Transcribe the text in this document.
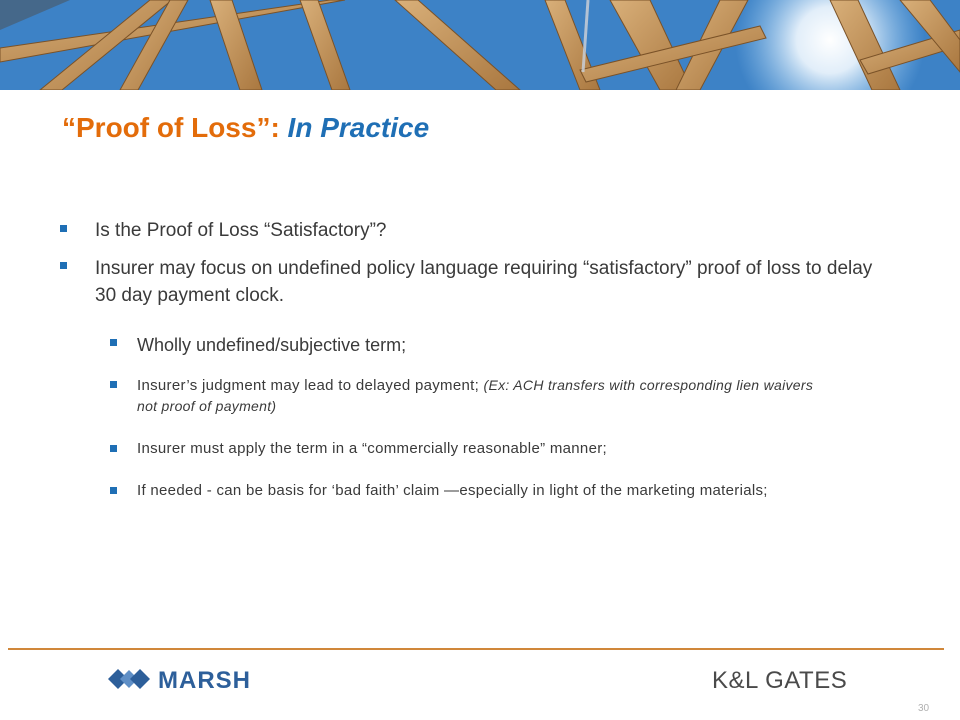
“Proof of Loss”: In Practice

Is the Proof of Loss “Satisfactory”?

Insurer may focus on undefined policy language requiring “satisfactory” proof of loss to delay 30 day payment clock.

Wholly undefined/subjective term;

Insurer’s judgment may lead to delayed payment; (Ex: ACH transfers with corresponding lien waivers not proof of payment)

Insurer must apply the term in a “commercially reasonable” manner;

If needed - can be basis for ‘bad faith’ claim —especially in light of the marketing materials;

MARSH	K&L GATES
30
